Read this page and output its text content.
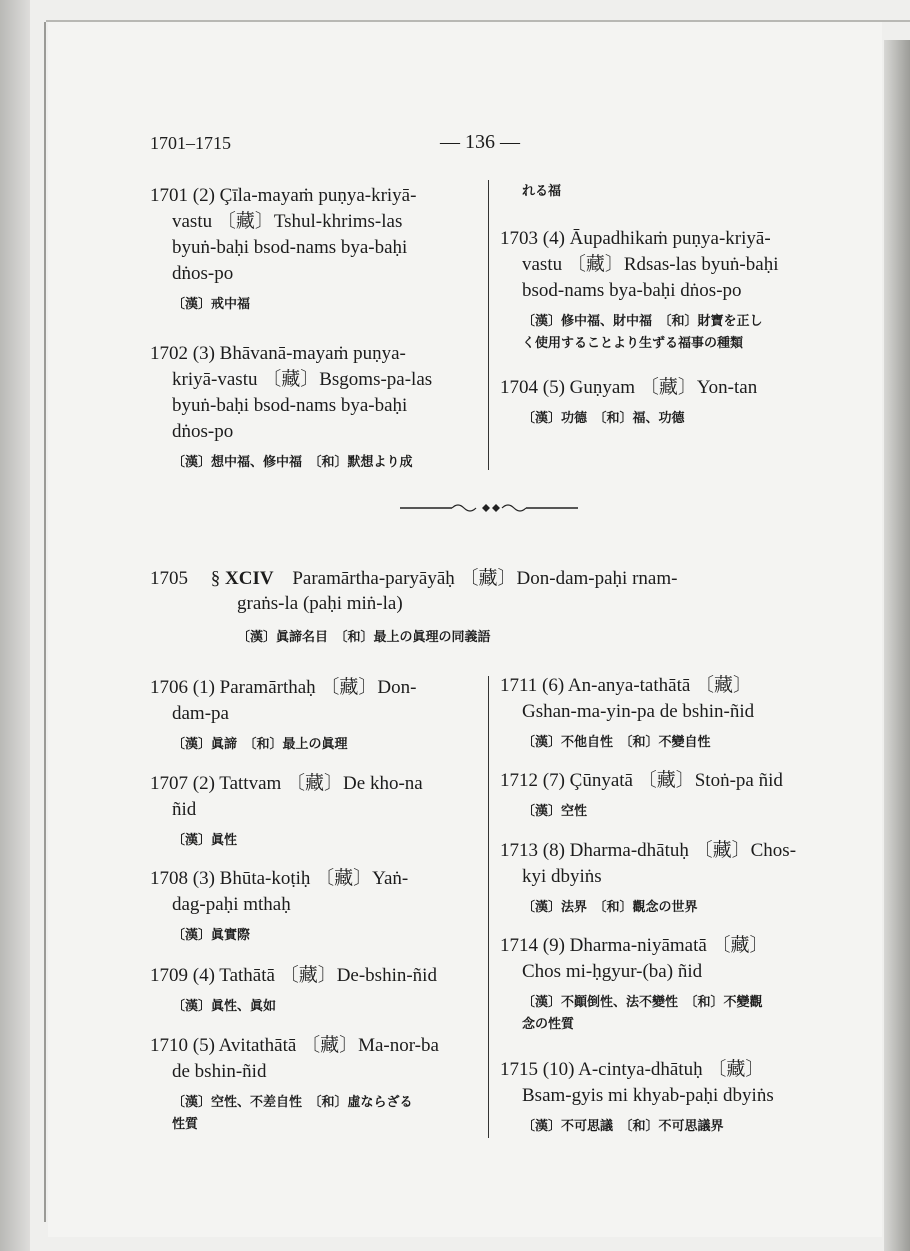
1701–1715	— 136 —
1701 (2) Çīla-mayaṁ puṇya-kriyā-
vastu 〔藏〕Tshul-khrims-las
byuṅ-baḥi bsod-nams bya-baḥi
dṅos-po
〔漢〕戒中福
1702 (3) Bhāvanā-mayaṁ puṇya-
kriyā-vastu 〔藏〕Bsgoms-pa-las
byuṅ-baḥi bsod-nams bya-baḥi
dṅos-po
〔漢〕想中福、修中福　〔和〕默想より成
れる福
1703 (4) Āupadhikaṁ puṇya-kriyā-
vastu 〔藏〕Rdsas-las byuṅ-baḥi
bsod-nams bya-baḥi dṅos-po
〔漢〕修中福、財中福　〔和〕財寶を正し
く使用することより生ずる福事の種類
1704 (5) Guṇyam 〔藏〕Yon-tan
〔漢〕功德　〔和〕福、功德
1705 § XCIV Paramārtha-paryāyāḥ 〔藏〕Don-dam-paḥi rnam-
graṅs-la (paḥi miṅ-la)
〔漢〕眞諦名目　〔和〕最上の眞理の同義語
1706 (1) Paramārthaḥ 〔藏〕Don-
dam-pa
〔漢〕眞諦　〔和〕最上の眞理
1707 (2) Tattvam 〔藏〕De kho-na
ñid
〔漢〕眞性
1708 (3) Bhūta-koṭiḥ 〔藏〕Yaṅ-
dag-paḥi mthaḥ
〔漢〕眞實際
1709 (4) Tathātā 〔藏〕De-bshin-ñid
〔漢〕眞性、眞如
1710 (5) Avitathātā 〔藏〕Ma-nor-ba
de bshin-ñid
〔漢〕空性、不差自性　〔和〕虛ならざる
性質
1711 (6) An-anya-tathātā 〔藏〕
Gshan-ma-yin-pa de bshin-ñid
〔漢〕不他自性　〔和〕不變自性
1712 (7) Çūnyatā 〔藏〕Stoṅ-pa ñid
〔漢〕空性
1713 (8) Dharma-dhātuḥ 〔藏〕Chos-
kyi dbyiṅs
〔漢〕法界　〔和〕觀念の世界
1714 (9) Dharma-niyāmatā 〔藏〕
Chos mi-ḥgyur-(ba) ñid
〔漢〕不顚倒性、法不變性　〔和〕不變觀
念の性質
1715 (10) A-cintya-dhātuḥ 〔藏〕
Bsam-gyis mi khyab-paḥi dbyiṅs
〔漢〕不可思議　〔和〕不可思議界
